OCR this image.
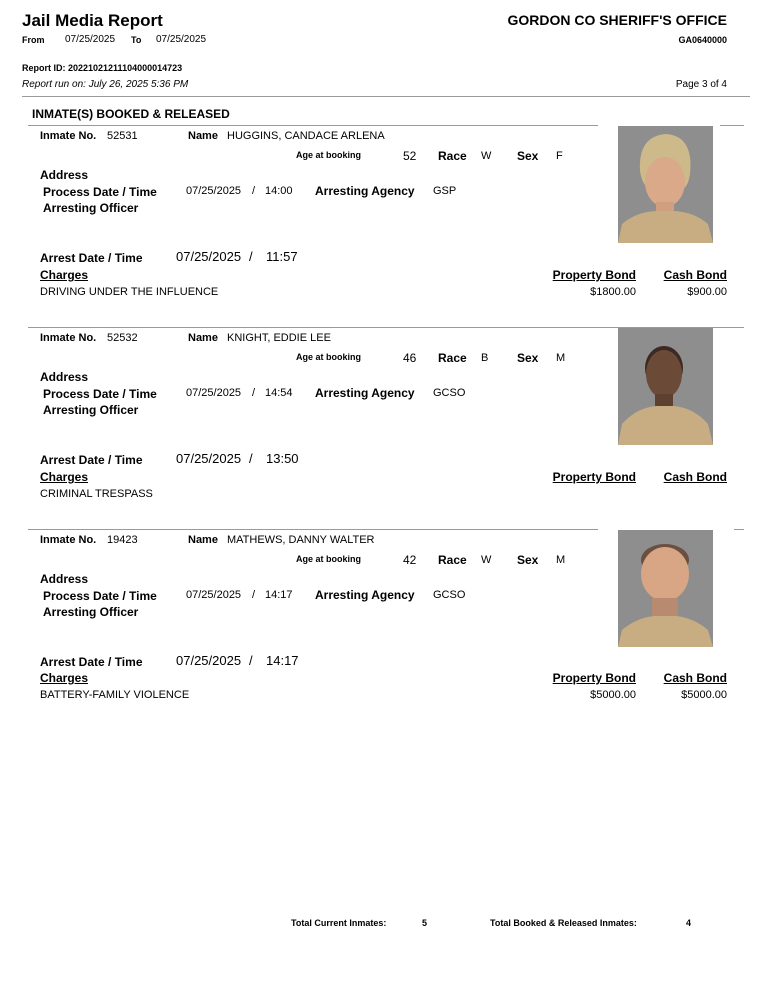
Jail Media Report
From 07/25/2025 To 07/25/2025
GORDON CO SHERIFF'S OFFICE
GA0640000
Report ID: 20221021211104000014723
Report run on: July 26, 2025 5:36 PM	Page 3 of 4
INMATE(S) BOOKED & RELEASED
Inmate No. 52531	Name HUGGINS, CANDACE ARLENA
Age at booking	52 Race W Sex F
Address
Process Date / Time	07/25/2025 / 14:00 Arresting Agency GSP
Arresting Officer
Arrest Date / Time	07/25/2025 / 11:57
Charges	Property Bond Cash Bond
DRIVING UNDER THE INFLUENCE	$1800.00	$900.00
Inmate No. 52532	Name KNIGHT, EDDIE LEE
Age at booking	46 Race B Sex M
Address
Process Date / Time	07/25/2025 / 14:54 Arresting Agency GCSO
Arresting Officer
Arrest Date / Time	07/25/2025 / 13:50
Charges	Property Bond Cash Bond
CRIMINAL TRESPASS
Inmate No. 19423	Name MATHEWS, DANNY WALTER
Age at booking	42 Race W Sex M
Address
Process Date / Time	07/25/2025 / 14:17 Arresting Agency GCSO
Arresting Officer
Arrest Date / Time	07/25/2025 / 14:17
Charges	Property Bond Cash Bond
BATTERY-FAMILY VIOLENCE	$5000.00	$5000.00
Total Current Inmates:	5	Total Booked & Released Inmates:	4
